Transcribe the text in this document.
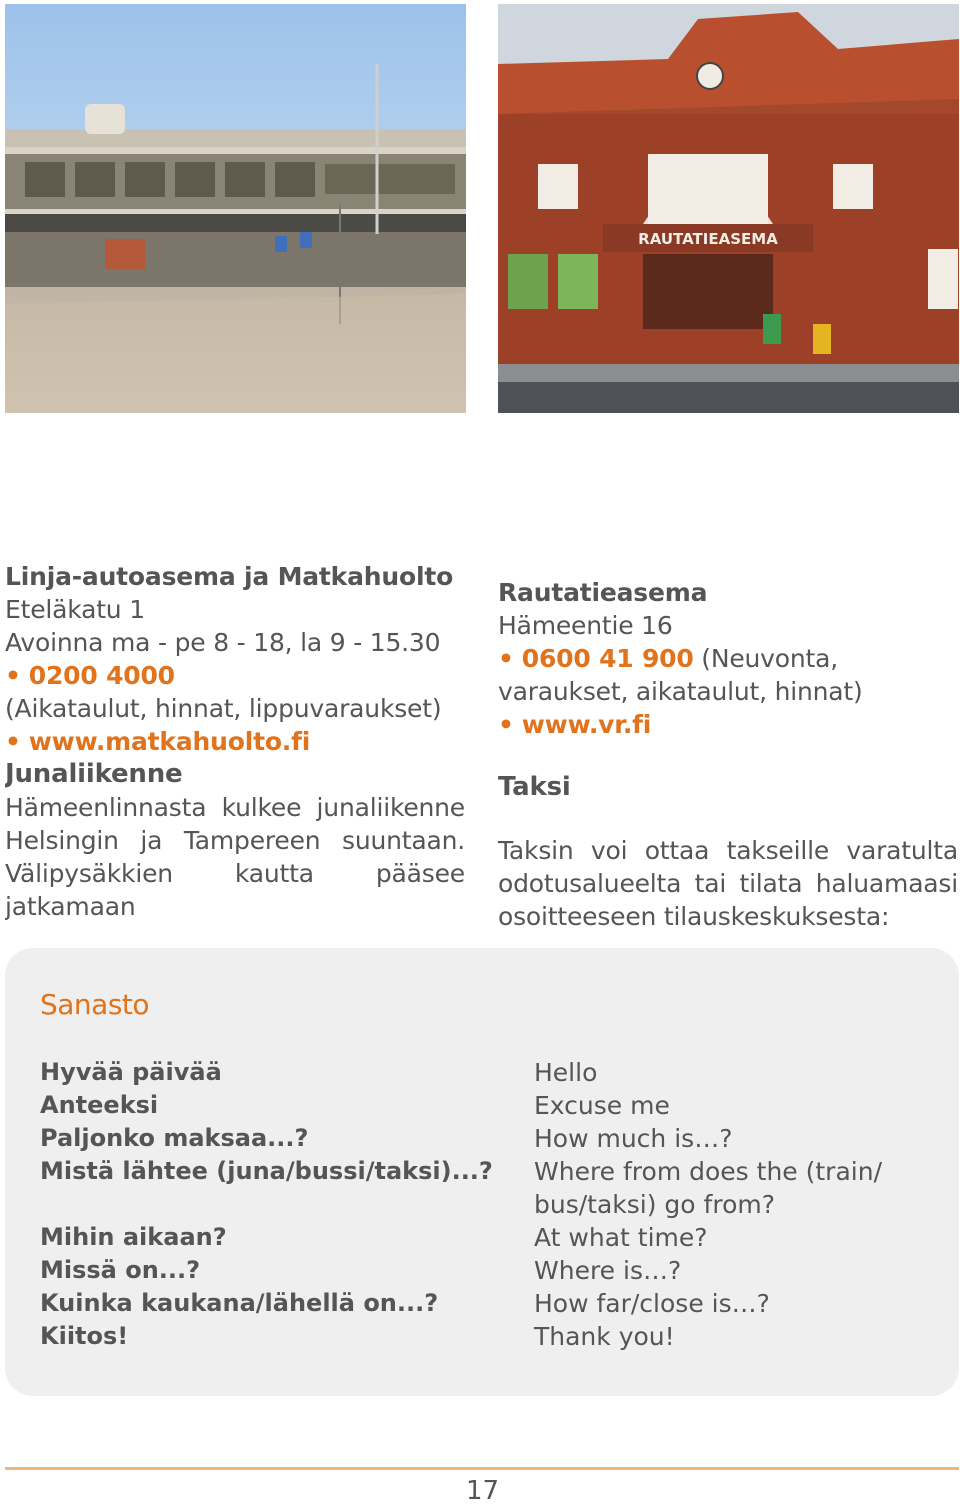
RAUTATIEASEMA

Linja-autoasema ja Matkahuolto

Eteläkatu 1

Avoinna ma - pe 8 - 18, la 9 - 15.30

• 0200 4000

(Aikataulut, hinnat, lippuvaraukset)

• www.matkahuolto.fi

Junaliikenne

Hämeenlinnasta kulkee junaliikenne Helsingin ja Tampereen suuntaan. Välipysäkkien kautta pääsee jatkamaan

Rautatieasema

Hämeentie 16

• 0600 41 900 (Neuvonta, varaukset, aikataulut, hinnat)

• www.vr.fi

Taksi

Taksin voi ottaa takseille varatulta odotusalueelta tai tilata haluamaasi osoitteeseen tilauskeskuksesta:

Sanasto
Hyvää päivää
Anteeksi
Paljonko maksaa...?
Mistä lähtee (juna/bussi/taksi)...?
Mihin aikaan?
Missä on...?
Kuinka kaukana/lähellä on...?
Kiitos!
Hello
Excuse me
How much is…?
Where from does the (train/ bus/taksi) go from?
At what time?
Where is…?
How far/close is…?
Thank you!
17
